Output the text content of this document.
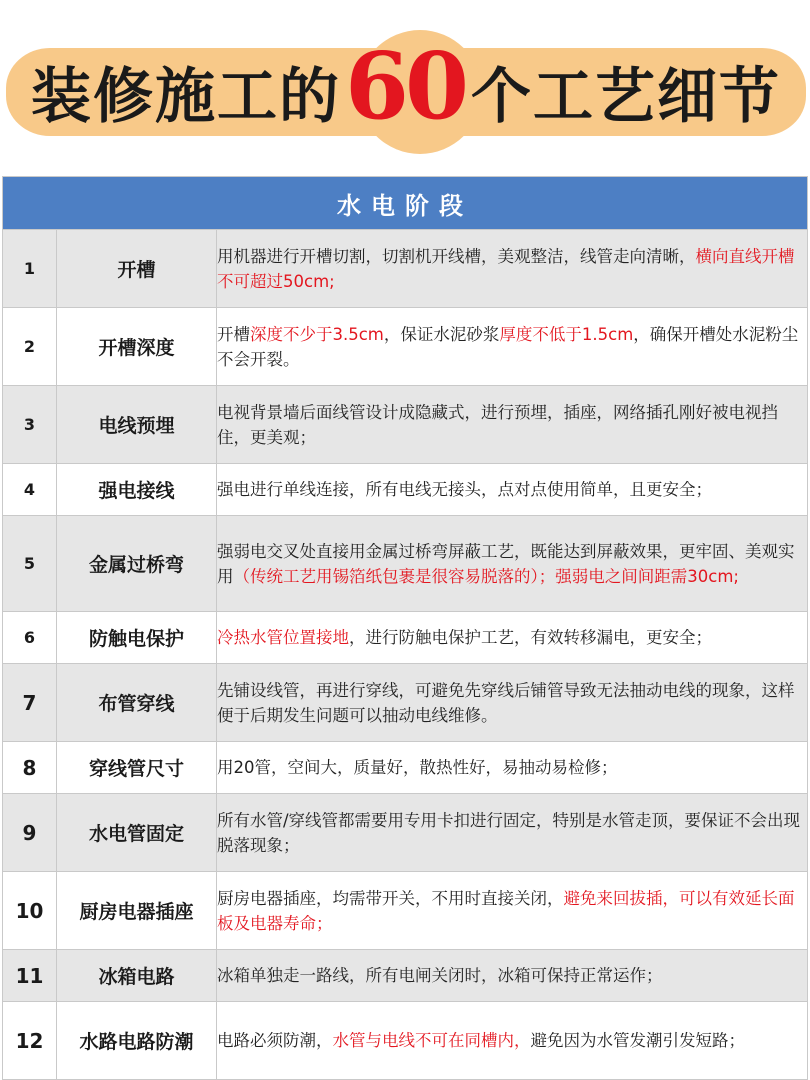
装修施工的 60 个工艺细节
水电阶段		
1	开槽	用机器进行开槽切割，切割机开线槽，美观整洁，线管走向清晰，横向直线开槽不可超过50cm;
2	开槽深度	开槽深度不少于3.5cm，保证水泥砂浆厚度不低于1.5cm，确保开槽处水泥粉尘不会开裂。
3	电线预埋	电视背景墙后面线管设计成隐藏式，进行预埋，插座，网络插孔刚好被电视挡住，更美观；
4	强电接线	强电进行单线连接，所有电线无接头，点对点使用简单，且更安全；
5	金属过桥弯	强弱电交叉处直接用金属过桥弯屏蔽工艺，既能达到屏蔽效果，更牢固、美观实用（传统工艺用锡箔纸包裹是很容易脱落的）；强弱电之间间距需30cm;
6	防触电保护	冷热水管位置接地，进行防触电保护工艺，有效转移漏电，更安全；
7	布管穿线	先铺设线管，再进行穿线，可避免先穿线后铺管导致无法抽动电线的现象，这样便于后期发生问题可以抽动电线维修。
8	穿线管尺寸	用20管，空间大，质量好，散热性好，易抽动易检修；
9	水电管固定	所有水管/穿线管都需要用专用卡扣进行固定，特别是水管走顶，要保证不会出现脱落现象；
10	厨房电器插座	厨房电器插座，均需带开关，不用时直接关闭，避免来回拔插，可以有效延长面板及电器寿命；
11	冰箱电路	冰箱单独走一路线，所有电闸关闭时，冰箱可保持正常运作；
12	水路电路防潮	电路必须防潮，水管与电线不可在同槽内，避免因为水管发潮引发短路；
